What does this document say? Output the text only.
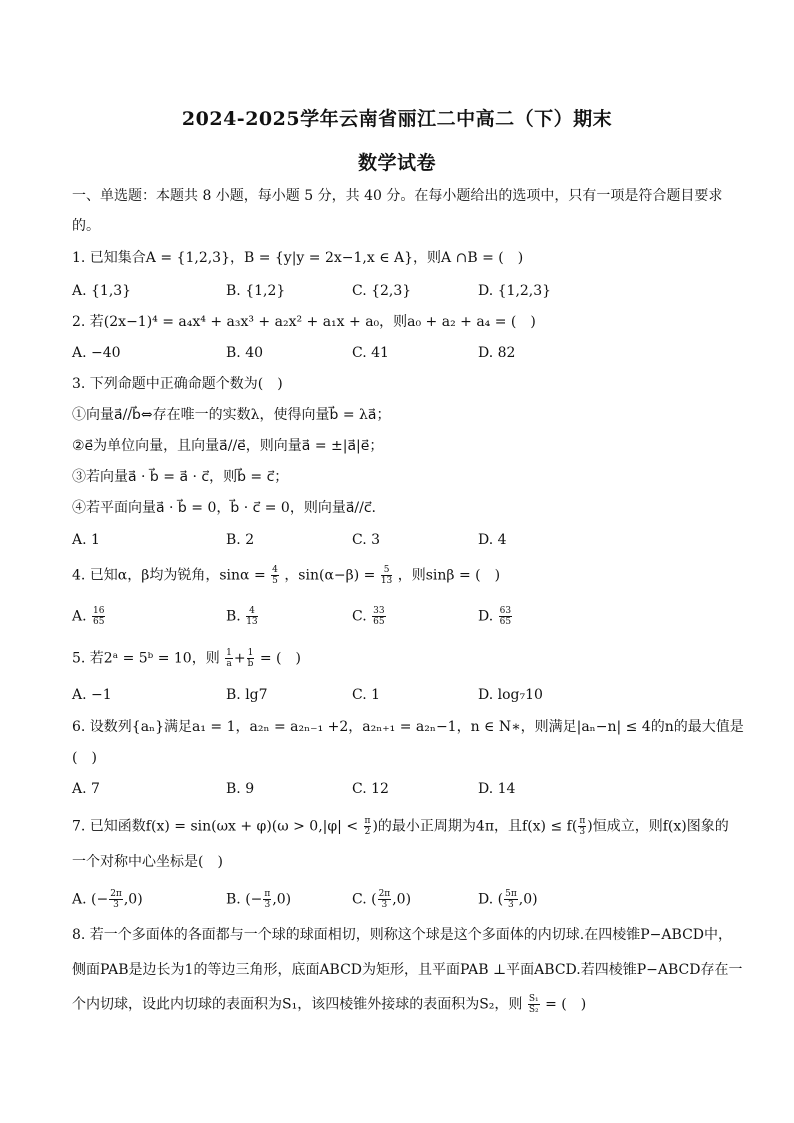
2024-2025学年云南省丽江二中高二（下）期末
数学试卷
一、单选题：本题共 8 小题，每小题 5 分，共 40 分。在每小题给出的选项中，只有一项是符合题目要求
的。
1. 已知集合A = {1,2,3}，B = {y|y = 2x−1,x ∈ A}，则A ∩B = (　)
A. {1,3}	B. {1,2}	C. {2,3}	D. {1,2,3}
2. 若(2x−1)⁴ = a₄x⁴ + a₃x³ + a₂x² + a₁x + a₀，则a₀ + a₂ + a₄ = (　)
A. −40	B. 40	C. 41	D. 82
3. 下列命题中正确命题个数为(　)
①向量a⃗//b⃗⇔存在唯一的实数λ，使得向量b⃗ = λa⃗；
②e⃗为单位向量，且向量a⃗//e⃗，则向量a⃗ = ±|a⃗|e⃗；
③若向量a⃗ · b⃗ = a⃗ · c⃗，则b⃗ = c⃗；
④若平面向量a⃗ · b⃗ = 0，b⃗ · c⃗ = 0，则向量a⃗//c⃗.
A. 1	B. 2	C. 3	D. 4
4. 已知α，β均为锐角，$\sin\alpha = \frac{4}{5}$ ，$\sin(\alpha-\beta) = \frac{5}{13}$ ，则sinβ = (　)
A. $\frac{16}{65}$	B. $\frac{4}{13}$	C. $\frac{33}{65}$	D. $\frac{63}{65}$
5. 若2ᵃ = 5ᵇ = 10，则 $\frac{1}{a} + \frac{1}{b}$ = (　)
A. −1	B. lg7	C. 1	D. log₇10
6. 设数列{aₙ}满足a₁ = 1，a₂ₙ = a₂ₙ₋₁ +2，a₂ₙ₊₁ = a₂ₙ−1，n ∈ N∗，则满足|aₙ−n| ≤ 4的n的最大值是
(　)
A. 7	B. 9	C. 12	D. 14
7. 已知函数$f(x) = \sin(\omega x + \varphi)(\omega > 0,|\varphi| < \frac{\pi}{2}$ )的最小正周期为4π，且$f(x) \le f( \frac{\pi}{3}$ )恒成立，则f(x)图象的
一个对称中心坐标是(　)
A. (− $\frac{2\pi}{3} ,0$)	B. (− $\frac{\pi}{3} ,0$)	C. ( $\frac{2\pi}{3} ,0$)	D. ( $\frac{5\pi}{3} ,0$)
8. 若一个多面体的各面都与一个球的球面相切，则称这个球是这个多面体的内切球.在四棱锥P−ABCD中，
侧面PAB是边长为1的等边三角形，底面ABCD为矩形，且平面PAB ⊥平面ABCD.若四棱锥P−ABCD存在一
个内切球，设此内切球的表面积为S₁，该四棱锥外接球的表面积为S₂，则 $\frac{\text{S₁}}{\text{S₂}}$ = (　)
